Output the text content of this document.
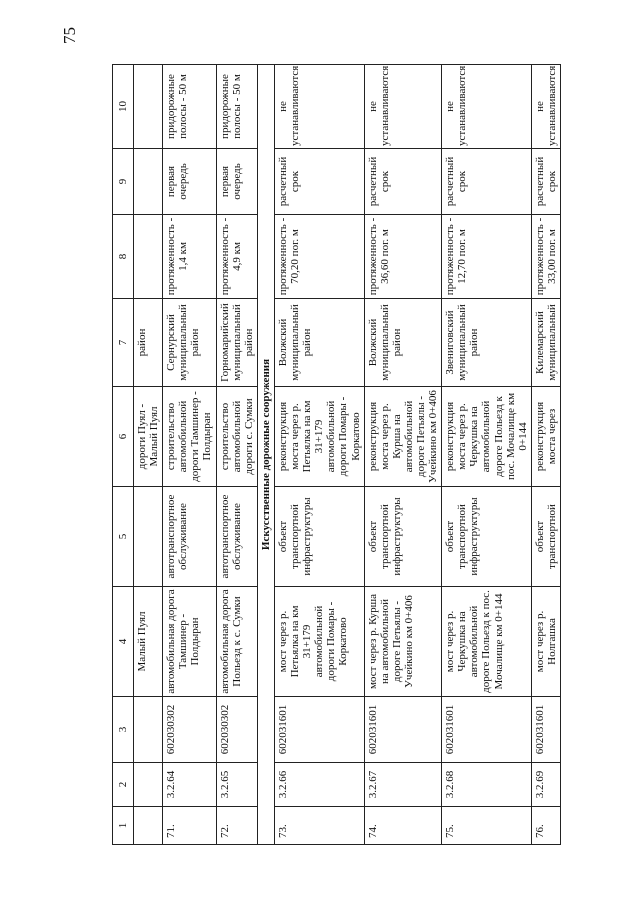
75
1	2	3	4	5	6	7	8	9	10
			Малый Пуял		дороги Пуял - Малый Пуял	район			
71.	3.2.64	602030302	автомобильная дорога Тамшинер - Полдыран	автотранспортное обслуживание	строительство автомобильной дороги Тамшинер - Полдыран	Сернурский муниципальный район	протяженность - 1,4 км	первая очередь	придорожные полосы - 50 м
72.	3.2.65	602030302	автомобильная дорога Польезд к с. Сумки	автотранспортное обслуживание	строительство автомобильной дороги с. Сумки	Горномарийский муниципальный район	протяженность - 4,9 км	первая очередь	придорожные полосы - 50 м
Искусственные дорожные сооружения									
73.	3.2.66	602031601	мост через р. Петьялка на км 31+179 автомобильной дороги Помары - Коркатово	объект транспортной инфраструктуры	реконструкция моста через р. Петьялка на км 31+179 автомобильной дороги Помары - Коркатово	Волжский муниципальный район	протяженность - 70,20 пог. м	расчетный срок	не устанавливаются
74.	3.2.67	602031601	мост через р. Курша на автомобильной дороге Петьялы - Учейкино км 0+406	объект транспортной инфраструктуры	реконструкция моста через р. Курша на автомобильной дороге Петьялы - Учейкино км 0+406	Волжский муниципальный район	протяженность - 36,60 пог. м	расчетный срок	не устанавливаются
75.	3.2.68	602031601	мост через р. Черкушка на автомобильной дороге Польезд к пос. Мочалище км 0+144	объект транспортной инфраструктуры	реконструкция моста через р. Черкушка на автомобильной дороге Польезд к пос. Мочалище км 0+144	Звениговский муниципальный район	протяженность - 12,70 пог. м	расчетный срок	не устанавливаются
76.	3.2.69	602031601	мост через р. Нолгашка	объект транспортной	реконструкция моста через	Килемарский муниципальный	протяженность - 33,00 пог. м	расчетный срок	не устанавливаются
